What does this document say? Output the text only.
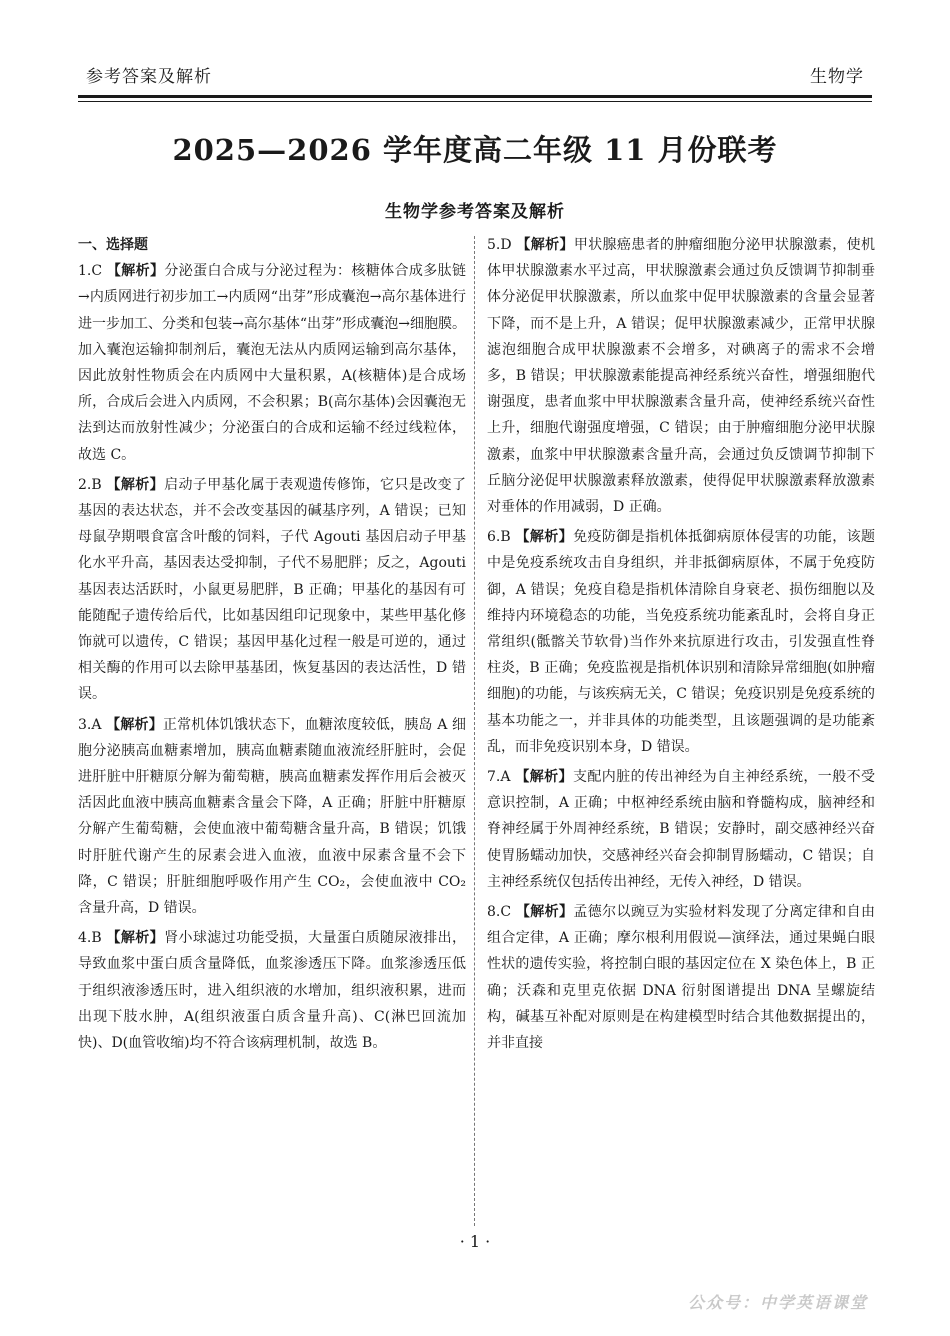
参考答案及解析	生物学
2025—2026 学年度高二年级 11 月份联考
生物学参考答案及解析

一、选择题

1.C 【解析】分泌蛋白合成与分泌过程为：核糖体合成多肽链→内质网进行初步加工→内质网“出芽”形成囊泡→高尔基体进行进一步加工、分类和包装→高尔基体“出芽”形成囊泡→细胞膜。加入囊泡运输抑制剂后，囊泡无法从内质网运输到高尔基体，因此放射性物质会在内质网中大量积累，A(核糖体)是合成场所，合成后会进入内质网，不会积累；B(高尔基体)会因囊泡无法到达而放射性减少；分泌蛋白的合成和运输不经过线粒体，故选 C。

2.B 【解析】启动子甲基化属于表观遗传修饰，它只是改变了基因的表达状态，并不会改变基因的碱基序列，A 错误；已知母鼠孕期喂食富含叶酸的饲料，子代 Agouti 基因启动子甲基化水平升高，基因表达受抑制，子代不易肥胖；反之，Agouti 基因表达活跃时，小鼠更易肥胖，B 正确；甲基化的基因有可能随配子遗传给后代，比如基因组印记现象中，某些甲基化修饰就可以遗传，C 错误；基因甲基化过程一般是可逆的，通过相关酶的作用可以去除甲基基团，恢复基因的表达活性，D 错误。

3.A 【解析】正常机体饥饿状态下，血糖浓度较低，胰岛 A 细胞分泌胰高血糖素增加，胰高血糖素随血液流经肝脏时，会促进肝脏中肝糖原分解为葡萄糖，胰高血糖素发挥作用后会被灭活因此血液中胰高血糖素含量会下降，A 正确；肝脏中肝糖原分解产生葡萄糖，会使血液中葡萄糖含量升高，B 错误；饥饿时肝脏代谢产生的尿素会进入血液，血液中尿素含量不会下降，C 错误；肝脏细胞呼吸作用产生 CO₂，会使血液中 CO₂ 含量升高，D 错误。

4.B 【解析】肾小球滤过功能受损，大量蛋白质随尿液排出，导致血浆中蛋白质含量降低，血浆渗透压下降。血浆渗透压低于组织液渗透压时，进入组织液的水增加，组织液积累，进而出现下肢水肿，A(组织液蛋白质含量升高)、C(淋巴回流加快)、D(血管收缩)均不符合该病理机制，故选 B。

5.D 【解析】甲状腺癌患者的肿瘤细胞分泌甲状腺激素，使机体甲状腺激素水平过高，甲状腺激素会通过负反馈调节抑制垂体分泌促甲状腺激素，所以血浆中促甲状腺激素的含量会显著下降，而不是上升，A 错误；促甲状腺激素减少，正常甲状腺滤泡细胞合成甲状腺激素不会增多，对碘离子的需求不会增多，B 错误；甲状腺激素能提高神经系统兴奋性，增强细胞代谢强度，患者血浆中甲状腺激素含量升高，使神经系统兴奋性上升，细胞代谢强度增强，C 错误；由于肿瘤细胞分泌甲状腺激素，血浆中甲状腺激素含量升高，会通过负反馈调节抑制下丘脑分泌促甲状腺激素释放激素，使得促甲状腺激素释放激素对垂体的作用减弱，D 正确。

6.B 【解析】免疫防御是指机体抵御病原体侵害的功能，该题中是免疫系统攻击自身组织，并非抵御病原体，不属于免疫防御，A 错误；免疫自稳是指机体清除自身衰老、损伤细胞以及维持内环境稳态的功能，当免疫系统功能紊乱时，会将自身正常组织(骶髂关节软骨)当作外来抗原进行攻击，引发强直性脊柱炎，B 正确；免疫监视是指机体识别和清除异常细胞(如肿瘤细胞)的功能，与该疾病无关，C 错误；免疫识别是免疫系统的基本功能之一，并非具体的功能类型，且该题强调的是功能紊乱，而非免疫识别本身，D 错误。

7.A 【解析】支配内脏的传出神经为自主神经系统，一般不受意识控制，A 正确；中枢神经系统由脑和脊髓构成，脑神经和脊神经属于外周神经系统，B 错误；安静时，副交感神经兴奋使胃肠蠕动加快，交感神经兴奋会抑制胃肠蠕动，C 错误；自主神经系统仅包括传出神经，无传入神经，D 错误。

8.C 【解析】孟德尔以豌豆为实验材料发现了分离定律和自由组合定律，A 正确；摩尔根利用假说—演绎法，通过果蝇白眼性状的遗传实验，将控制白眼的基因定位在 X 染色体上，B 正确；沃森和克里克依据 DNA 衍射图谱提出 DNA 呈螺旋结构，碱基互补配对原则是在构建模型时结合其他数据提出的，并非直接

· 1 ·
公众号：中学英语课堂
